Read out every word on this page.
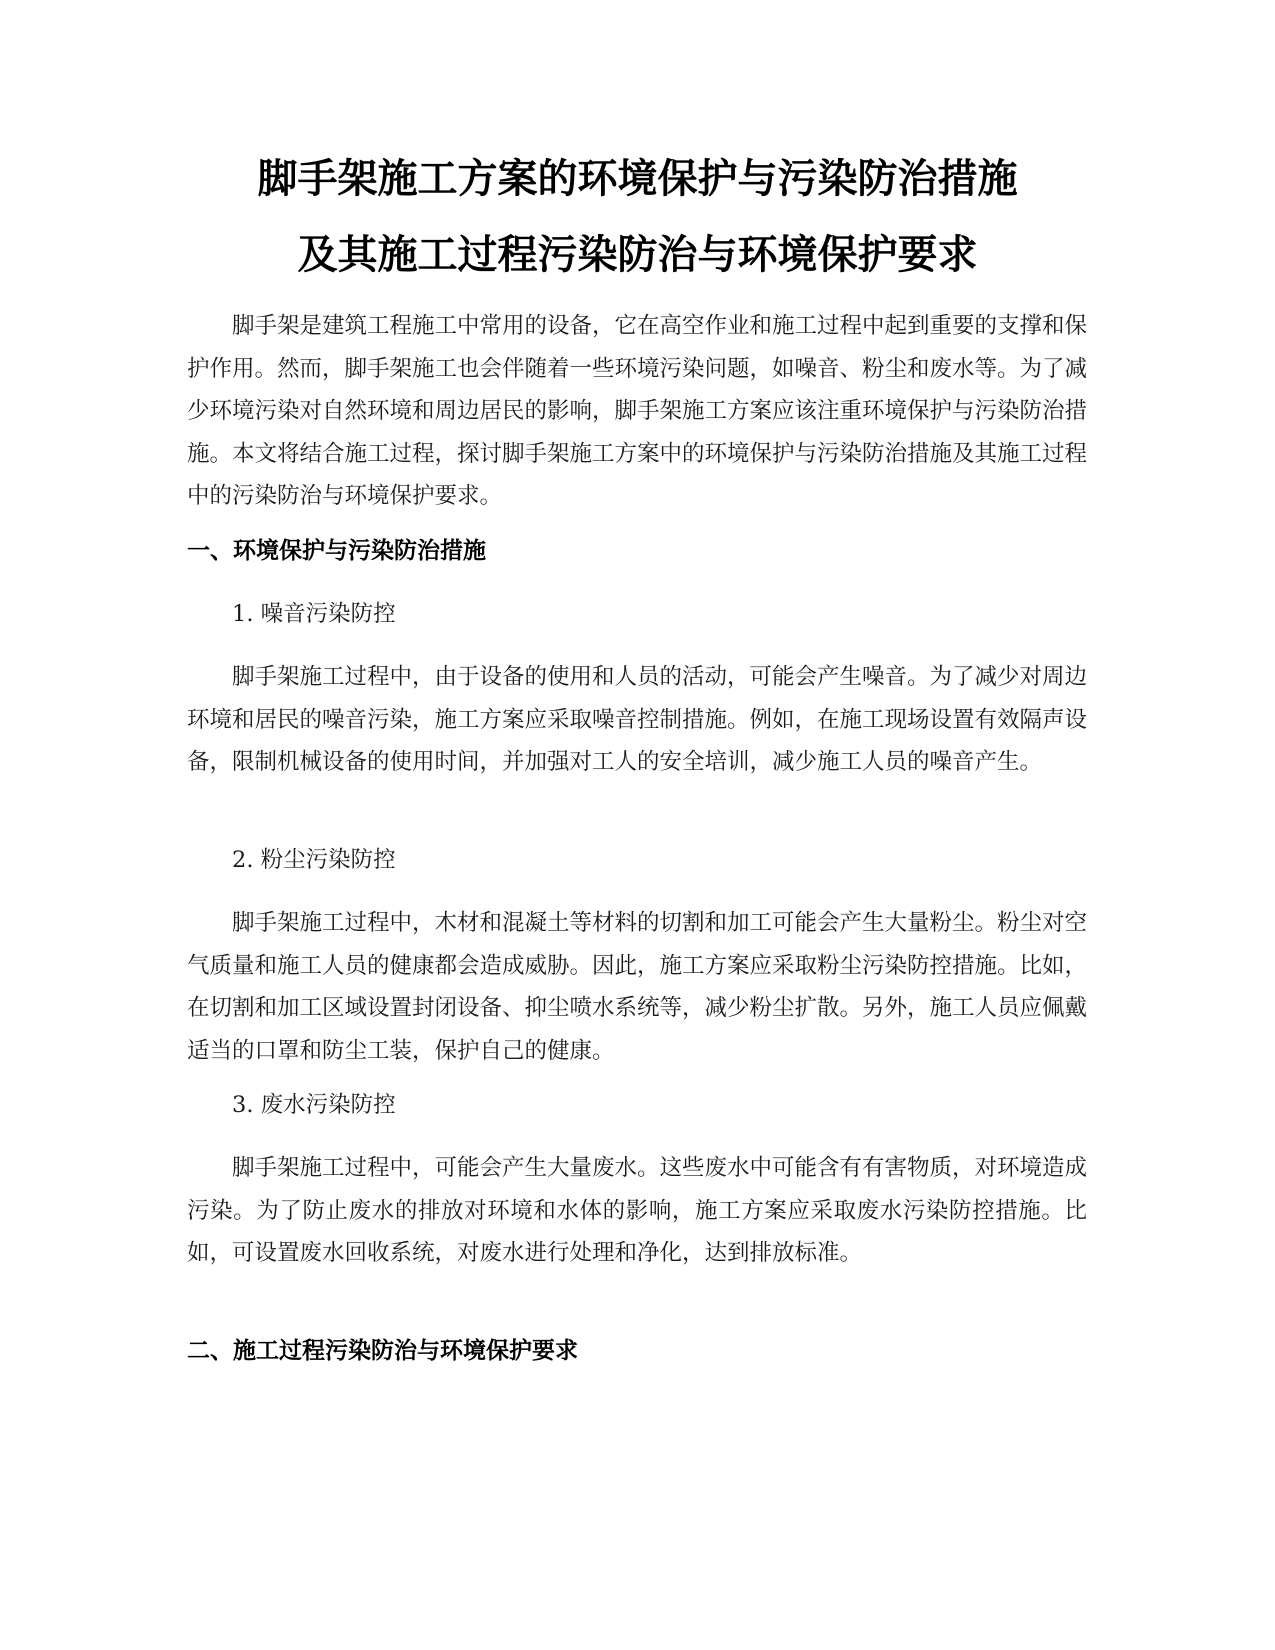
脚手架施工方案的环境保护与污染防治措施
及其施工过程污染防治与环境保护要求

脚手架是建筑工程施工中常用的设备，它在高空作业和施工过程中起到重要的支撑和保护作用。然而，脚手架施工也会伴随着一些环境污染问题，如噪音、粉尘和废水等。为了减少环境污染对自然环境和周边居民的影响，脚手架施工方案应该注重环境保护与污染防治措施。本文将结合施工过程，探讨脚手架施工方案中的环境保护与污染防治措施及其施工过程中的污染防治与环境保护要求。

一、环境保护与污染防治措施
1. 噪音污染防控

脚手架施工过程中，由于设备的使用和人员的活动，可能会产生噪音。为了减少对周边环境和居民的噪音污染，施工方案应采取噪音控制措施。例如，在施工现场设置有效隔声设备，限制机械设备的使用时间，并加强对工人的安全培训，减少施工人员的噪音产生。

2. 粉尘污染防控

脚手架施工过程中，木材和混凝土等材料的切割和加工可能会产生大量粉尘。粉尘对空气质量和施工人员的健康都会造成威胁。因此，施工方案应采取粉尘污染防控措施。比如，在切割和加工区域设置封闭设备、抑尘喷水系统等，减少粉尘扩散。另外，施工人员应佩戴适当的口罩和防尘工装，保护自己的健康。

3. 废水污染防控

脚手架施工过程中，可能会产生大量废水。这些废水中可能含有有害物质，对环境造成污染。为了防止废水的排放对环境和水体的影响，施工方案应采取废水污染防控措施。比如，可设置废水回收系统，对废水进行处理和净化，达到排放标准。

二、施工过程污染防治与环境保护要求
